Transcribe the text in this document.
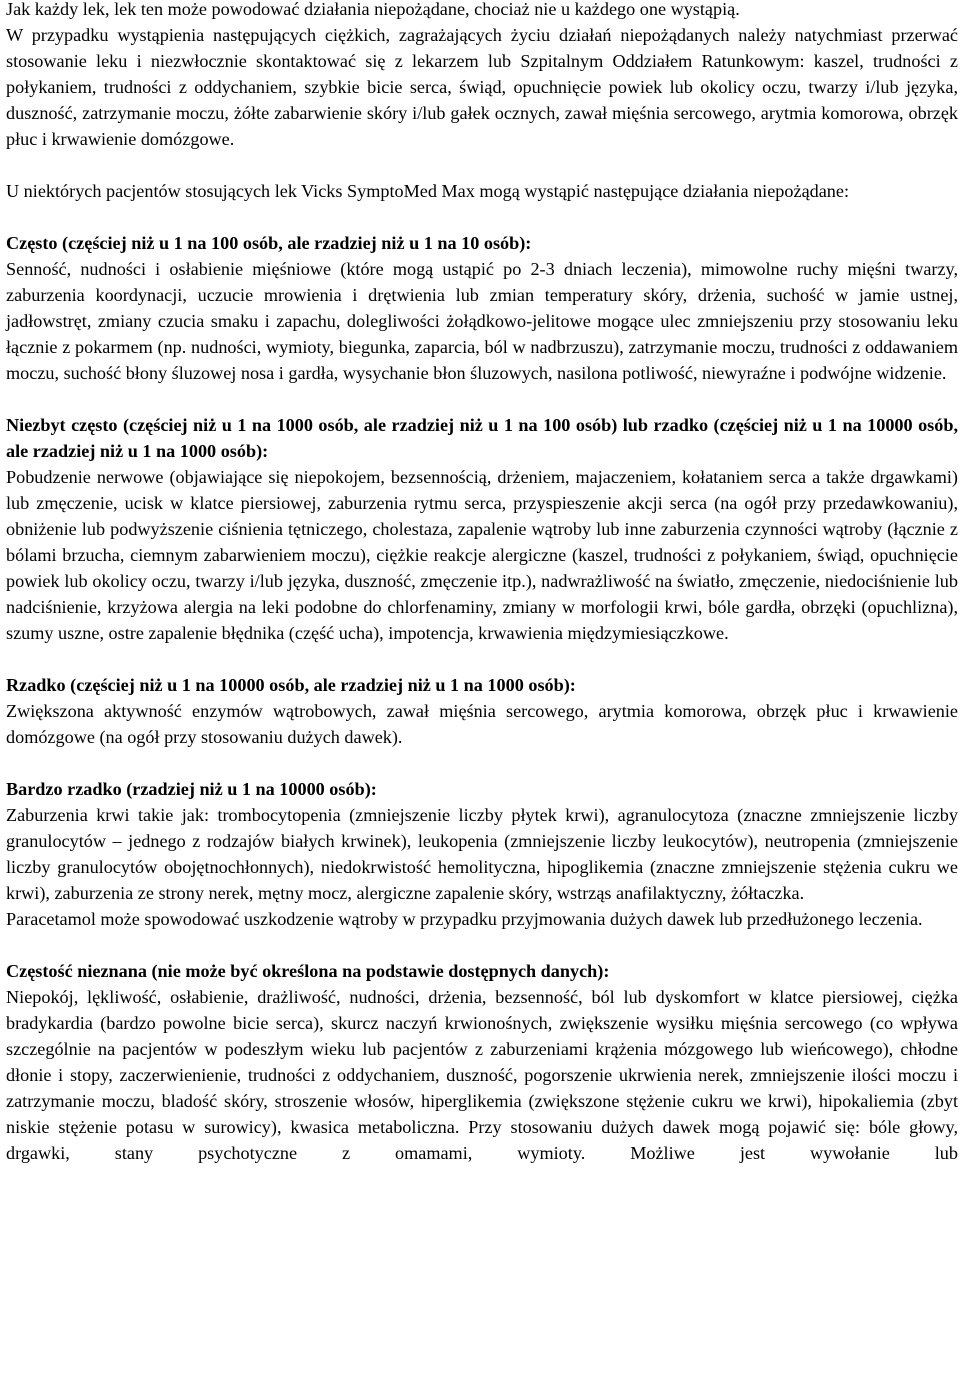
Jak każdy lek, lek ten może powodować działania niepożądane, chociaż nie u każdego one wystąpią.

W przypadku wystąpienia następujących ciężkich, zagrażających życiu działań niepożądanych należy natychmiast przerwać stosowanie leku i niezwłocznie skontaktować się z lekarzem lub Szpitalnym Oddziałem Ratunkowym: kaszel, trudności z połykaniem, trudności z oddychaniem, szybkie bicie serca, świąd, opuchnięcie powiek lub okolicy oczu, twarzy i/lub języka, duszność, zatrzymanie moczu, żółte zabarwienie skóry i/lub gałek ocznych, zawał mięśnia sercowego, arytmia komorowa, obrzęk płuc i krwawienie domózgowe.

U niektórych pacjentów stosujących lek Vicks SymptoMed Max mogą wystąpić następujące działania niepożądane:

Często (częściej niż u 1 na 100 osób, ale rzadziej niż u 1 na 10 osób):
Senność, nudności i osłabienie mięśniowe (które mogą ustąpić po 2-3 dniach leczenia), mimowolne ruchy mięśni twarzy, zaburzenia koordynacji, uczucie mrowienia i drętwienia lub zmian temperatury skóry, drżenia, suchość w jamie ustnej, jadłowstręt, zmiany czucia smaku i zapachu, dolegliwości żołądkowo-jelitowe mogące ulec zmniejszeniu przy stosowaniu leku łącznie z pokarmem (np. nudności, wymioty, biegunka, zaparcia, ból w nadbrzuszu), zatrzymanie moczu, trudności z oddawaniem moczu, suchość błony śluzowej nosa i gardła, wysychanie błon śluzowych, nasilona potliwość, niewyraźne i podwójne widzenie.

Niezbyt często (częściej niż u 1 na 1000 osób, ale rzadziej niż u 1 na 100 osób) lub rzadko (częściej niż u 1 na 10000 osób, ale rzadziej niż u 1 na 1000 osób):
Pobudzenie nerwowe (objawiające się niepokojem, bezsennością, drżeniem, majaczeniem, kołataniem serca a także drgawkami) lub zmęczenie, ucisk w klatce piersiowej, zaburzenia rytmu serca, przyspieszenie akcji serca (na ogół przy przedawkowaniu), obniżenie lub podwyższenie ciśnienia tętniczego, cholestaza, zapalenie wątroby lub inne zaburzenia czynności wątroby (łącznie z bólami brzucha, ciemnym zabarwieniem moczu), ciężkie reakcje alergiczne (kaszel, trudności z połykaniem, świąd, opuchnięcie powiek lub okolicy oczu, twarzy i/lub języka, duszność, zmęczenie itp.), nadwrażliwość na światło, zmęczenie, niedociśnienie lub nadciśnienie, krzyżowa alergia na leki podobne do chlorfenaminy, zmiany w morfologii krwi, bóle gardła, obrzęki (opuchlizna), szumy uszne, ostre zapalenie błędnika (część ucha), impotencja, krwawienia międzymiesiączkowe.

Rzadko (częściej niż u 1 na 10000 osób, ale rzadziej niż u 1 na 1000 osób):
Zwiększona aktywność enzymów wątrobowych, zawał mięśnia sercowego, arytmia komorowa, obrzęk płuc i krwawienie domózgowe (na ogół przy stosowaniu dużych dawek).

Bardzo rzadko (rzadziej niż u 1 na 10000 osób):
Zaburzenia krwi takie jak: trombocytopenia (zmniejszenie liczby płytek krwi), agranulocytoza (znaczne zmniejszenie liczby granulocytów – jednego z rodzajów białych krwinek), leukopenia (zmniejszenie liczby leukocytów), neutropenia (zmniejszenie liczby granulocytów obojętnochłonnych), niedokrwistość hemolityczna, hipoglikemia (znaczne zmniejszenie stężenia cukru we krwi), zaburzenia ze strony nerek, mętny mocz, alergiczne zapalenie skóry, wstrząs anafilaktyczny, żółtaczka.
Paracetamol może spowodować uszkodzenie wątroby w przypadku przyjmowania dużych dawek lub przedłużonego leczenia.

Częstość nieznana (nie może być określona na podstawie dostępnych danych):
Niepokój, lękliwość, osłabienie, drażliwość, nudności, drżenia, bezsenność, ból lub dyskomfort w klatce piersiowej, ciężka bradykardia (bardzo powolne bicie serca), skurcz naczyń krwionośnych, zwiększenie wysiłku mięśnia sercowego (co wpływa szczególnie na pacjentów w podeszłym wieku lub pacjentów z zaburzeniami krążenia mózgowego lub wieńcowego), chłodne dłonie i stopy, zaczerwienienie, trudności z oddychaniem, duszność, pogorszenie ukrwienia nerek, zmniejszenie ilości moczu i zatrzymanie moczu, bladość skóry, stroszenie włosów, hiperglikemia (zwiększone stężenie cukru we krwi), hipokaliemia (zbyt niskie stężenie potasu w surowicy), kwasica metaboliczna. Przy stosowaniu dużych dawek mogą pojawić się: bóle głowy, drgawki, stany psychotyczne z omamami, wymioty. Możliwe jest wywołanie lub
